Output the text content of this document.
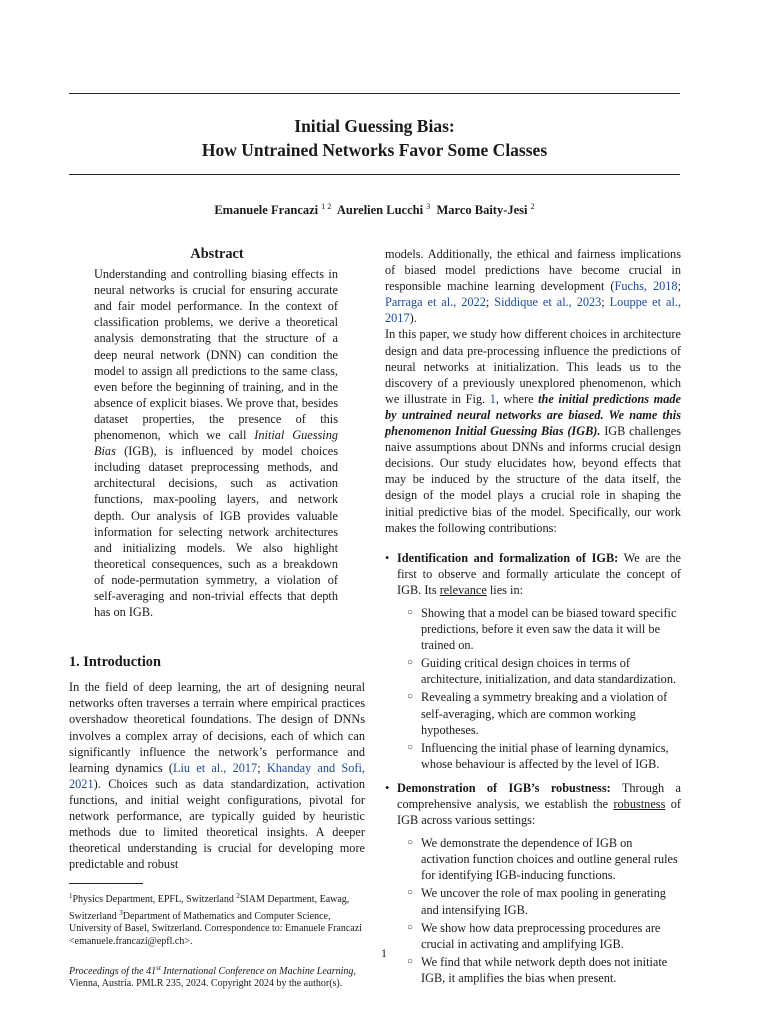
Initial Guessing Bias:
How Untrained Networks Favor Some Classes
Emanuele Francazi $^{1 2}$ Aurelien Lucchi $^3$ Marco Baity-Jesi $^2$
Abstract

Understanding and controlling biasing effects in neural networks is crucial for ensuring accurate and fair model performance. In the context of classification problems, we derive a theoretical analysis demonstrating that the structure of a deep neural network (DNN) can condition the model to assign all predictions to the same class, even before the beginning of training, and in the absence of explicit biases. We prove that, besides dataset properties, the presence of this phenomenon, which we call Initial Guessing Bias (IGB), is influenced by model choices including dataset preprocessing methods, and architectural decisions, such as activation functions, max-pooling layers, and network depth. Our analysis of IGB provides valuable information for selecting network architectures and initializing models. We also highlight theoretical consequences, such as a breakdown of node-permutation symmetry, a violation of self-averaging and non-trivial effects that depth has on IGB.

1. Introduction

In the field of deep learning, the art of designing neural networks often traverses a terrain where empirical practices overshadow theoretical foundations. The design of DNNs involves a complex array of decisions, each of which can significantly influence the network’s performance and learning dynamics (Liu et al., 2017; Khanday and Sofi, 2021). Choices such as data standardization, activation functions, and initial weight configurations, pivotal for network performance, are typically guided by heuristic methods due to limited theoretical insights. A deeper theoretical understanding is crucial for developing more predictable and robust

$^1$Physics Department, EPFL, Switzerland $^2$SIAM Department, Eawag, Switzerland $^3$Department of Mathematics and Computer Science, University of Basel, Switzerland. Correspondence to: Emanuele Francazi <emanuele.francazi@epfl.ch>.
Proceedings of the 41st International Conference on Machine Learning, Vienna, Austria. PMLR 235, 2024. Copyright 2024 by the author(s).

models. Additionally, the ethical and fairness implications of biased model predictions have become crucial in responsible machine learning development (Fuchs, 2018; Parraga et al., 2022; Siddique et al., 2023; Louppe et al., 2017).

In this paper, we study how different choices in architecture design and data pre-processing influence the predictions of neural networks at initialization. This leads us to the discovery of a previously unexplored phenomenon, which we illustrate in Fig. 1, where the initial predictions made by untrained neural networks are biased. We name this phenomenon Initial Guessing Bias (IGB). IGB challenges naive assumptions about DNNs and informs crucial design decisions. Our study elucidates how, beyond effects that may be induced by the structure of the data itself, the design of the model plays a crucial role in shaping the initial predictive bias of the model. Specifically, our work makes the following contributions:

• Identification and formalization of IGB: We are the first to observe and formally articulate the concept of IGB. Its relevance lies in:
○ Showing that a model can be biased toward specific predictions, before it even saw the data it will be trained on.
○ Guiding critical design choices in terms of architecture, initialization, and data standardization.
○ Revealing a symmetry breaking and a violation of self-averaging, which are common working hypotheses.
○ Influencing the initial phase of learning dynamics, whose behaviour is affected by the level of IGB.
• Demonstration of IGB’s robustness: Through a comprehensive analysis, we establish the robustness of IGB across various settings:
○ We demonstrate the dependence of IGB on activation function choices and outline general rules for identifying IGB-inducing functions.
○ We uncover the role of max pooling in generating and intensifying IGB.
○ We show how data preprocessing procedures are crucial in activating and amplifying IGB.
○ We find that while network depth does not initiate IGB, it amplifies the bias when present.
1
